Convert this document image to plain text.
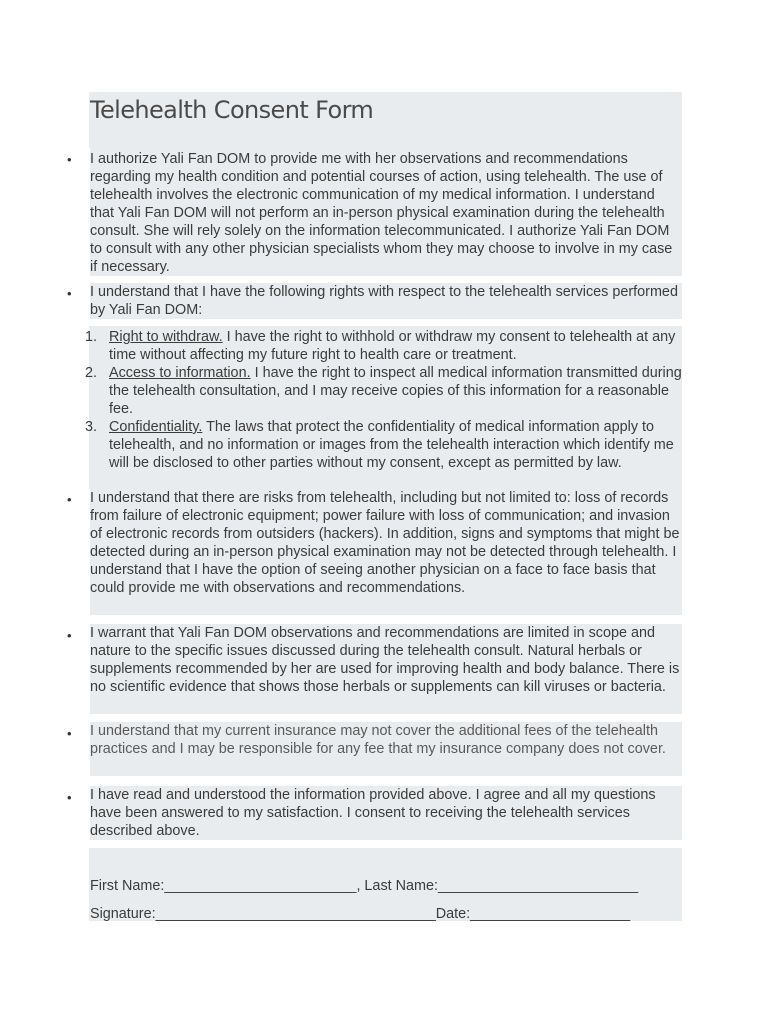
Telehealth Consent Form
• I authorize Yali Fan DOM to provide me with her observations and recommendations regarding my health condition and potential courses of action, using telehealth. The use of telehealth involves the electronic communication of my medical information. I understand that Yali Fan DOM will not perform an in-person physical examination during the telehealth consult. She will rely solely on the information telecommunicated. I authorize Yali Fan DOM to consult with any other physician specialists whom they may choose to involve in my case if necessary.

• I understand that I have the following rights with respect to the telehealth services performed by Yali Fan DOM:

1. Right to withdraw. I have the right to withhold or withdraw my consent to telehealth at any time without affecting my future right to health care or treatment.
2. Access to information. I have the right to inspect all medical information transmitted during the telehealth consultation, and I may receive copies of this information for a reasonable fee.
3. Confidentiality. The laws that protect the confidentiality of medical information apply to telehealth, and no information or images from the telehealth interaction which identify me will be disclosed to other parties without my consent, except as permitted by law.
• I understand that there are risks from telehealth, including but not limited to: loss of records from failure of electronic equipment; power failure with loss of communication; and invasion of electronic records from outsiders (hackers). In addition, signs and symptoms that might be detected during an in-person physical examination may not be detected through telehealth. I understand that I have the option of seeing another physician on a face to face basis that could provide me with observations and recommendations.

• I warrant that Yali Fan DOM observations and recommendations are limited in scope and nature to the specific issues discussed during the telehealth consult. Natural herbals or supplements recommended by her are used for improving health and body balance. There is no scientific evidence that shows those herbals or supplements can kill viruses or bacteria.

• I understand that my current insurance may not cover the additional fees of the telehealth practices and I may be responsible for any fee that my insurance company does not cover.

• I have read and understood the information provided above. I agree and all my questions have been answered to my satisfaction. I consent to receiving the telehealth services described above.

First Name:________________________, Last Name:_________________________
Signature:___________________________________Date:____________________
